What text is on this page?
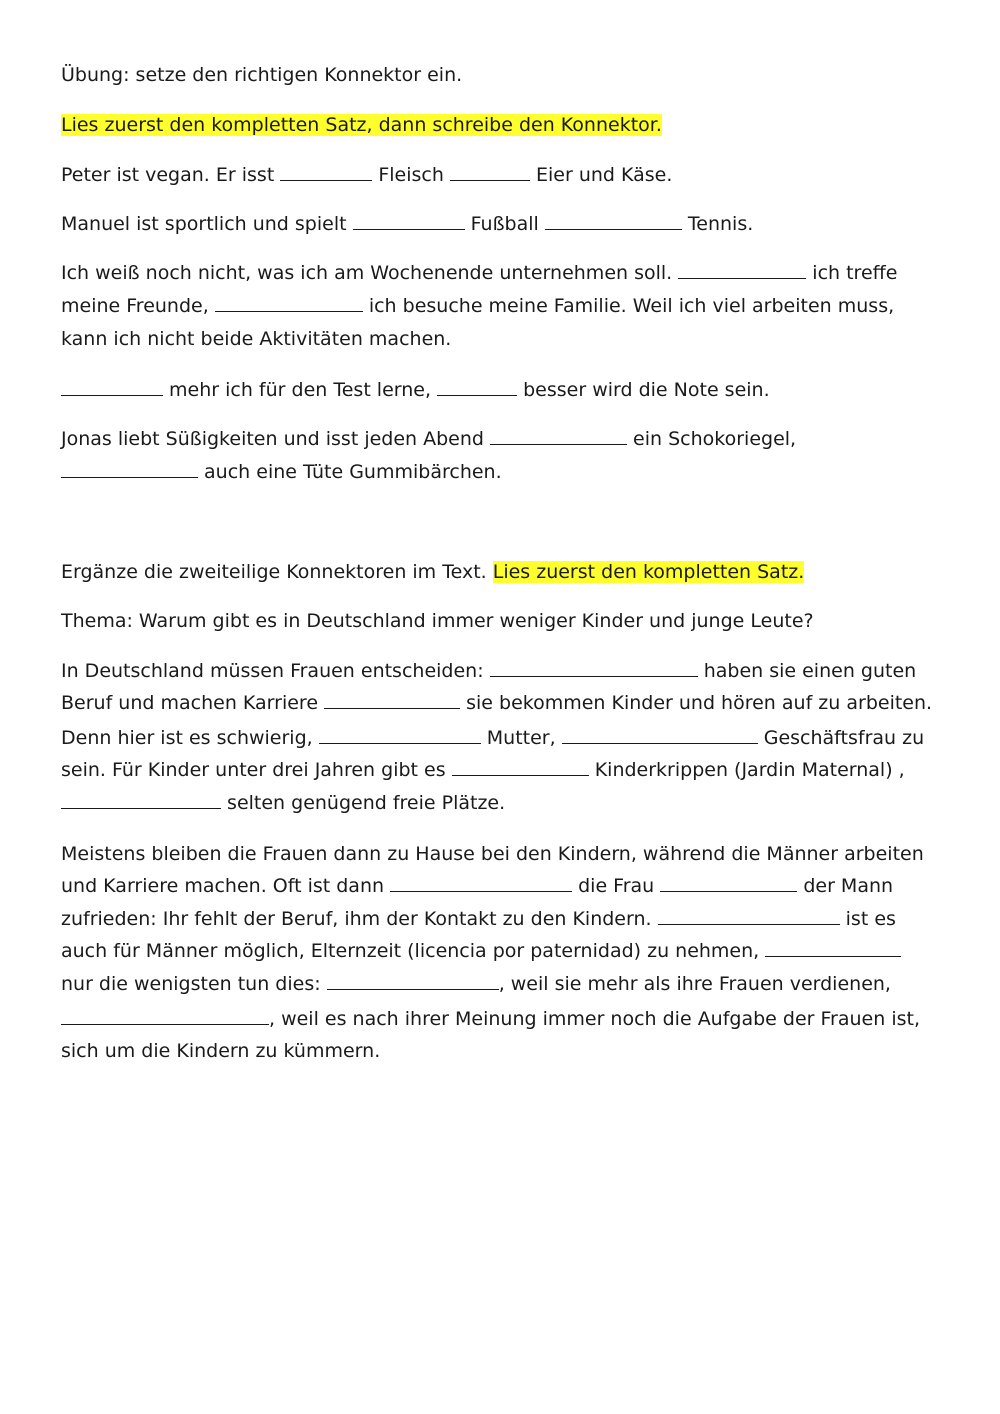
Übung: setze den richtigen Konnektor ein.
Lies zuerst den kompletten Satz, dann schreibe den Konnektor.
Peter ist vegan. Er isst	Fleisch	Eier und Käse.
Manuel ist sportlich und spielt	Fußball	Tennis.
Ich weiß noch nicht, was ich am Wochenende unternehmen soll.	ich treffe
meine Freunde,	ich besuche meine Familie. Weil ich viel arbeiten muss,
kann ich nicht beide Aktivitäten machen.
mehr ich für den Test lerne,	besser wird die Note sein.
Jonas liebt Süßigkeiten und isst jeden Abend	ein Schokoriegel,
auch eine Tüte Gummibärchen.
Ergänze die zweiteilige Konnektoren im Text. Lies zuerst den kompletten Satz.
Thema: Warum gibt es in Deutschland immer weniger Kinder und junge Leute?
In Deutschland müssen Frauen entscheiden:	haben sie einen guten
Beruf und machen Karriere	sie bekommen Kinder und hören auf zu arbeiten.
Denn hier ist es schwierig,	Mutter,	Geschäftsfrau zu
sein. Für Kinder unter drei Jahren gibt es	Kinderkrippen (Jardin Maternal) ,
selten genügend freie Plätze.
Meistens bleiben die Frauen dann zu Hause bei den Kindern, während die Männer arbeiten
und Karriere machen. Oft ist dann	die Frau	der Mann
zufrieden: Ihr fehlt der Beruf, ihm der Kontakt zu den Kindern.	ist es
auch für Männer möglich, Elternzeit (licencia por paternidad) zu nehmen,
nur die wenigsten tun dies:	, weil sie mehr als ihre Frauen verdienen,
, weil es nach ihrer Meinung immer noch die Aufgabe der Frauen ist,
sich um die Kindern zu kümmern.
